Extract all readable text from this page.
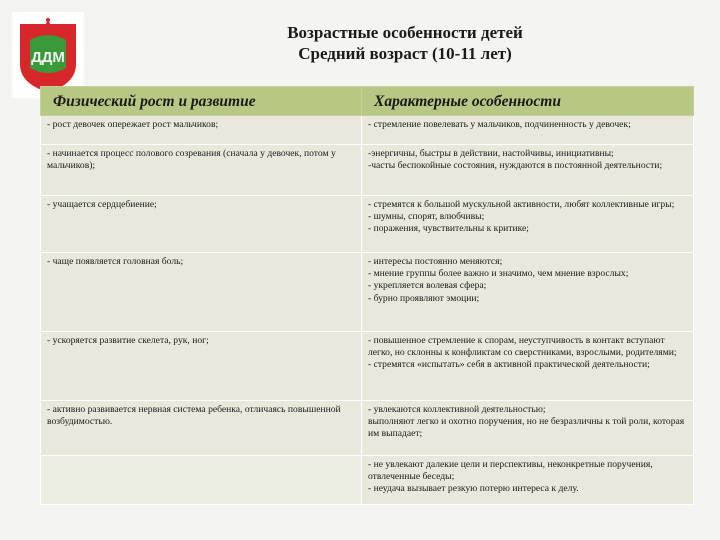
ДДМ
Возрастные особенности детей
Средний возраст (10-11 лет)
Физический рост и развитие	Характерные особенности

- рост девочек опережает рост мальчиков;	- стремление повелевать у мальчиков, подчиненность у девочек;

- начинается процесс полового созревания (сначала у девочек, потом у мальчиков);	-энергичны, быстры в действии, настойчивы, инициативны;
-часты беспокойные состояния, нуждаются в постоянной деятельности;

- учащается сердцебиение;	- стремятся к большой мускульной активности, любят коллективные игры;
- шумны, спорят, влюбчивы;
- поражения, чувствительны к критике;

- чаще появляется головная боль;	- интересы постоянно меняются;
- мнение группы более важно и значимо, чем мнение взрослых;
- укрепляется волевая сфера;
- бурно проявляют эмоции;

- ускоряется развитие скелета, рук, ног;	- повышенное стремление к спорам, неуступчивость в контакт вступают легко, но склонны к конфликтам со сверстниками, взрослыми, родителями;
- стремятся «испытать» себя в активной практической деятельности;

- активно развивается нервная система ребенка, отличаясь повышенной возбудимостью.	- увлекаются коллективной деятельностью;
выполняют легко и охотно поручения, но не безразличны к той роли, которая им выпадает;

	- не увлекают далекие цели и перспективы, неконкретные поручения, отвлеченные беседы;
- неудача вызывает резкую потерю интереса к делу.
